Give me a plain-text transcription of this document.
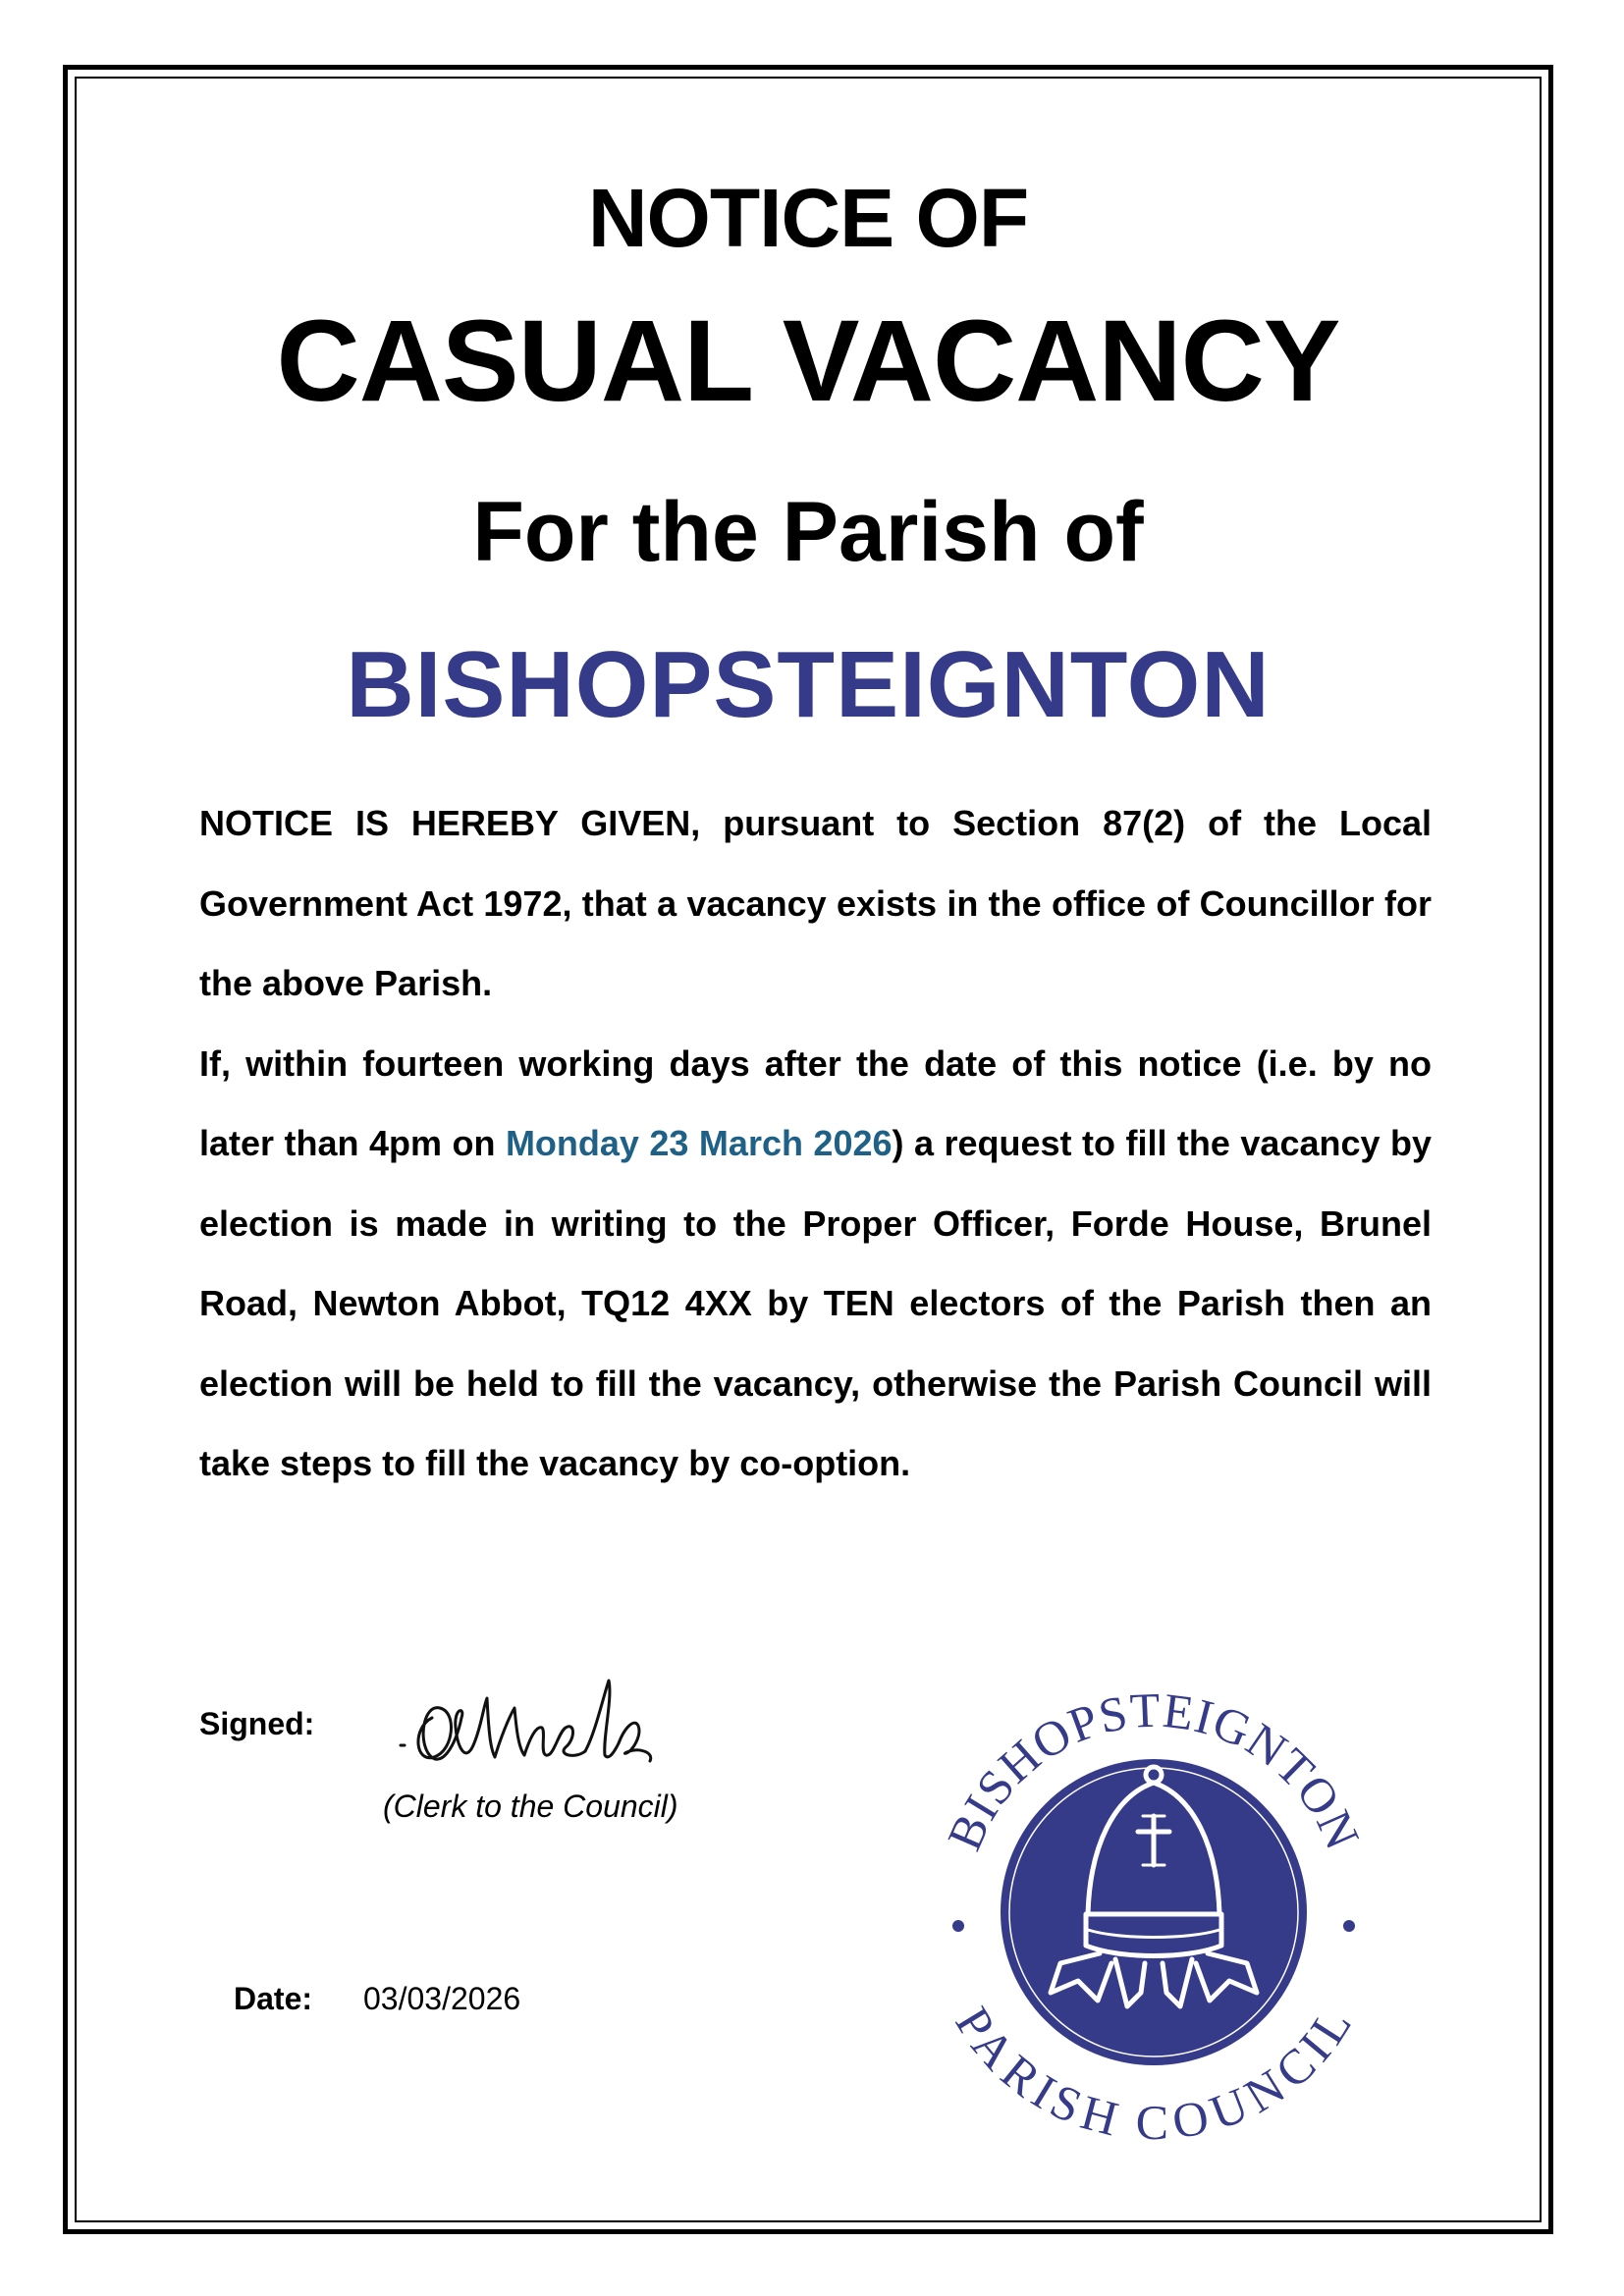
NOTICE OF
CASUAL VACANCY
For the Parish of
BISHOPSTEIGNTON

NOTICE IS HEREBY GIVEN, pursuant to Section 87(2) of the Local Government Act 1972, that a vacancy exists in the office of Councillor for the above Parish.

If, within fourteen working days after the date of this notice (i.e. by no later than 4pm on Monday 23 March 2026) a request to fill the vacancy by election is made in writing to the Proper Officer, Forde House, Brunel Road, Newton Abbot, TQ12 4XX by TEN electors of the Parish then an election will be held to fill the vacancy, otherwise the Parish Council will take steps to fill the vacancy by co-option.

Signed:
(Clerk to the Council)
Date: 03/03/2026
BISHOPSTEIGNTON
PARISH COUNCIL
